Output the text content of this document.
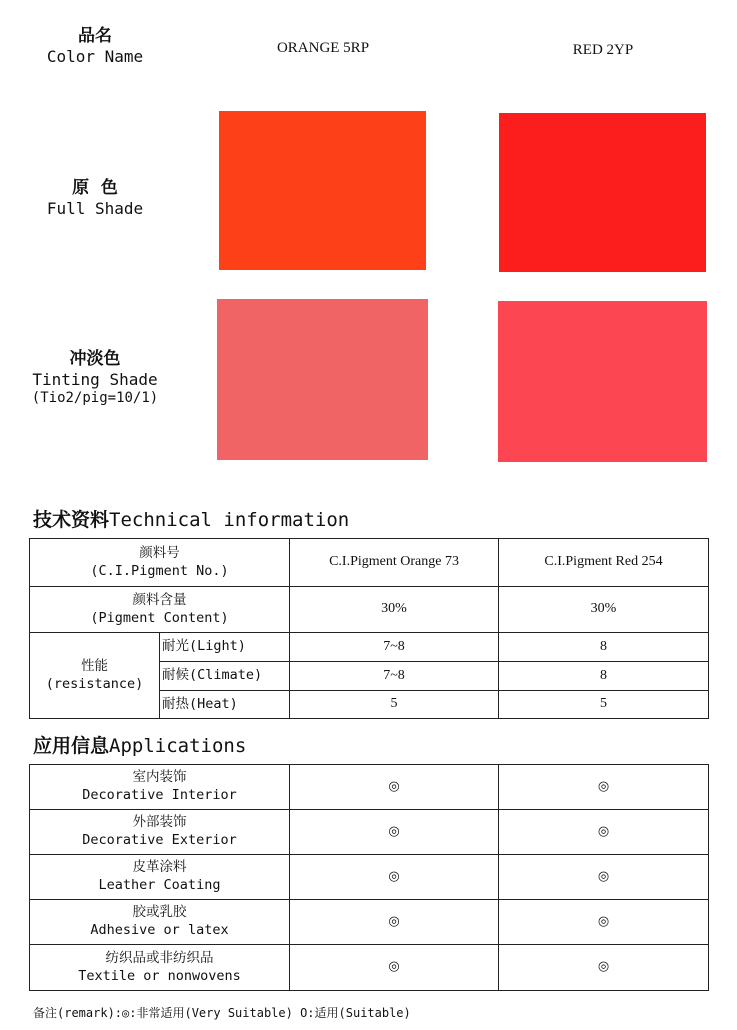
品名
Color Name	ORANGE 5RP	RED 2YP
原  色
Full Shade
冲淡色
Tinting Shade
(Tio2/pig=10/1)
技术资料Technical information
颜料号
(C.I.Pigment No.)		C.I.Pigment Orange 73	C.I.Pigment Red 254

颜料含量
(Pigment Content)		30%	30%

性能
(resistance)	耐光(Light)	7~8	8

	耐候(Climate)	7~8	8

	耐热(Heat)	5	5
应用信息Applications
室内装饰
Decorative Interior	◎	◎

外部装饰
Decorative Exterior	◎	◎

皮革涂料
Leather Coating	◎	◎

胶或乳胶
Adhesive or latex	◎	◎

纺织品或非纺织品
Textile or nonwovens	◎	◎
备注(remark):◎:非常适用(Very Suitable) O:适用(Suitable)
